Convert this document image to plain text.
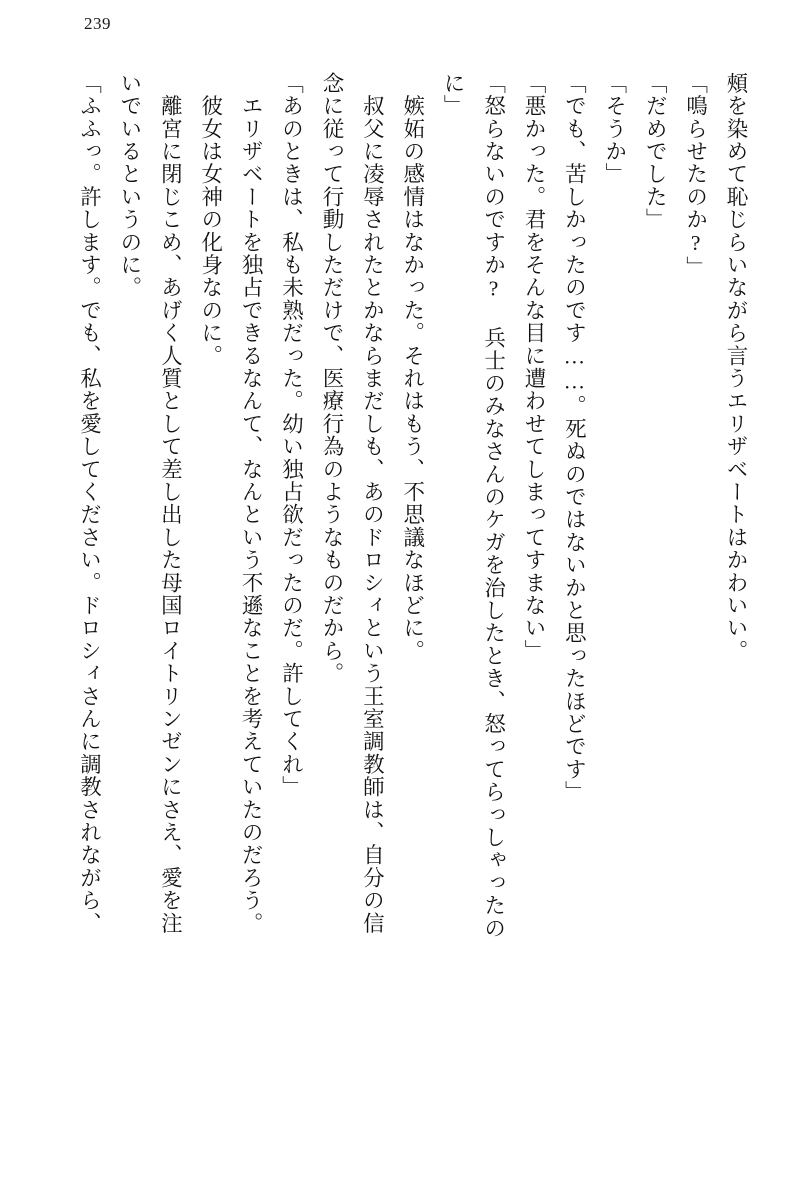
239
頰を染めて恥じらいながら言うエリザベートはかわいい。
「鳴らせたのか?」
「だめでした」
「そうか」
「でも、苦しかったのです……。死ぬのではないかと思ったほどです」
「悪かった。君をそんな目に遭わせてしまってすまない」
「怒らないのですか? 兵士のみなさんのケガを治したとき、怒ってらっしゃったの
に」
　嫉妬の感情はなかった。それはもう、不思議なほどに。
　叔父に凌辱されたとかならまだしも、あのドロシィという王室調教師は、自分の信
念に従って行動しただけで、医療行為のようなものだから。
「あのときは、私も未熟だった。幼い独占欲だったのだ。許してくれ」
　エリザベートを独占できるなんて、なんという不遜なことを考えていたのだろう。
　彼女は女神の化身なのに。
　離宮に閉じこめ、あげく人質として差し出した母国ロイトリンゼンにさえ、愛を注
いでいるというのに。
「ふふっ。許します。でも、私を愛してください。ドロシィさんに調教されながら、
